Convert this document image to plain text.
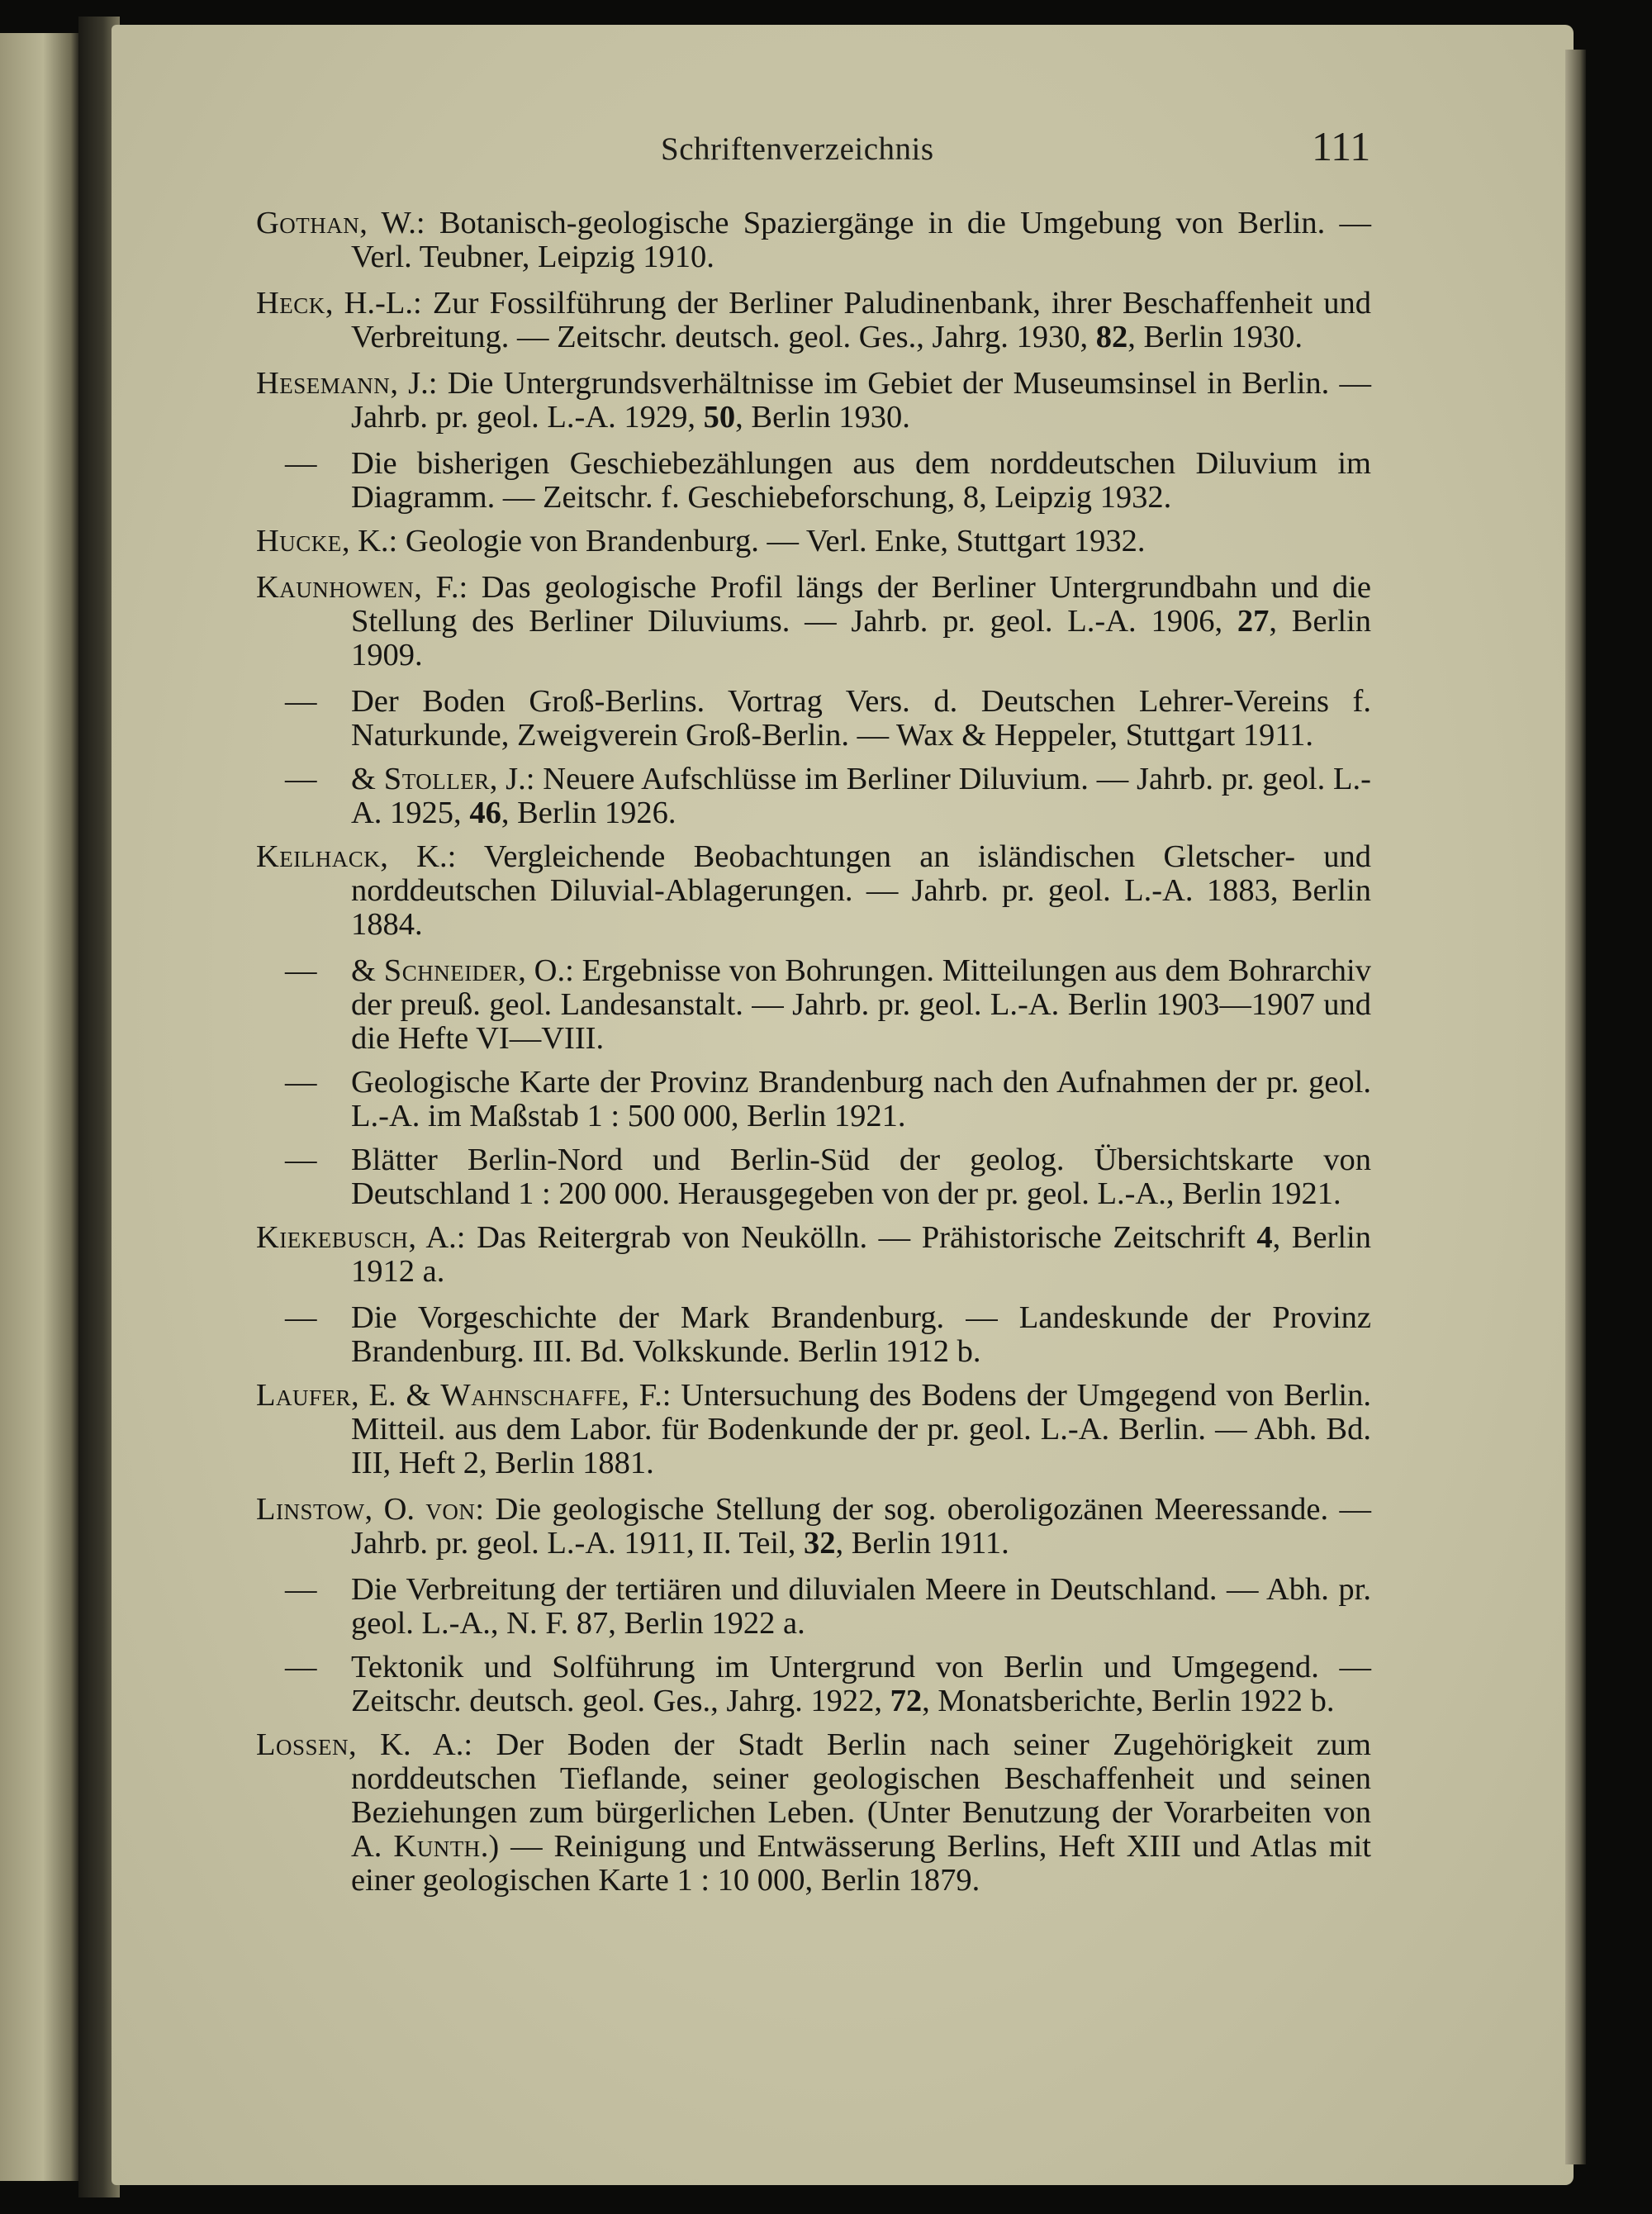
Schriftenverzeichnis	111
Gothan, W.: Botanisch-geologische Spaziergänge in die Umgebung von Berlin. — Verl. Teubner, Leipzig 1910.
Heck, H.-L.: Zur Fossilführung der Berliner Paludinenbank, ihrer Beschaffenheit und Verbreitung. — Zeitschr. deutsch. geol. Ges., Jahrg. 1930, 82, Berlin 1930.
Hesemann, J.: Die Untergrundsverhältnisse im Gebiet der Museumsinsel in Berlin. — Jahrb. pr. geol. L.-A. 1929, 50, Berlin 1930.
— Die bisherigen Geschiebezählungen aus dem norddeutschen Diluvium im Diagramm. — Zeitschr. f. Geschiebeforschung, 8, Leipzig 1932.
Hucke, K.: Geologie von Brandenburg. — Verl. Enke, Stuttgart 1932.
Kaunhowen, F.: Das geologische Profil längs der Berliner Untergrundbahn und die Stellung des Berliner Diluviums. — Jahrb. pr. geol. L.-A. 1906, 27, Berlin 1909.
— Der Boden Groß-Berlins. Vortrag Vers. d. Deutschen Lehrer-Vereins f. Naturkunde, Zweigverein Groß-Berlin. — Wax & Heppeler, Stuttgart 1911.
— & Stoller, J.: Neuere Aufschlüsse im Berliner Diluvium. — Jahrb. pr. geol. L.-A. 1925, 46, Berlin 1926.
Keilhack, K.: Vergleichende Beobachtungen an isländischen Gletscher- und norddeutschen Diluvial-Ablagerungen. — Jahrb. pr. geol. L.-A. 1883, Berlin 1884.
— & Schneider, O.: Ergebnisse von Bohrungen. Mitteilungen aus dem Bohrarchiv der preuß. geol. Landesanstalt. — Jahrb. pr. geol. L.-A. Berlin 1903—1907 und die Hefte VI—VIII.
— Geologische Karte der Provinz Brandenburg nach den Aufnahmen der pr. geol. L.-A. im Maßstab 1 : 500 000, Berlin 1921.
— Blätter Berlin-Nord und Berlin-Süd der geolog. Übersichtskarte von Deutschland 1 : 200 000. Herausgegeben von der pr. geol. L.-A., Berlin 1921.
Kiekebusch, A.: Das Reitergrab von Neukölln. — Prähistorische Zeitschrift 4, Berlin 1912 a.
— Die Vorgeschichte der Mark Brandenburg. — Landeskunde der Provinz Brandenburg. III. Bd. Volkskunde. Berlin 1912 b.
Laufer, E. & Wahnschaffe, F.: Untersuchung des Bodens der Umgegend von Berlin. Mitteil. aus dem Labor. für Bodenkunde der pr. geol. L.-A. Berlin. — Abh. Bd. III, Heft 2, Berlin 1881.
Linstow, O. von: Die geologische Stellung der sog. oberoligozänen Meeressande. — Jahrb. pr. geol. L.-A. 1911, II. Teil, 32, Berlin 1911.
— Die Verbreitung der tertiären und diluvialen Meere in Deutschland. — Abh. pr. geol. L.-A., N. F. 87, Berlin 1922 a.
— Tektonik und Solführung im Untergrund von Berlin und Umgegend. — Zeitschr. deutsch. geol. Ges., Jahrg. 1922, 72, Monatsberichte, Berlin 1922 b.
Lossen, K. A.: Der Boden der Stadt Berlin nach seiner Zugehörigkeit zum norddeutschen Tieflande, seiner geologischen Beschaffenheit und seinen Beziehungen zum bürgerlichen Leben. (Unter Benutzung der Vorarbeiten von A. Kunth.) — Reinigung und Entwässerung Berlins, Heft XIII und Atlas mit einer geologischen Karte 1 : 10 000, Berlin 1879.
